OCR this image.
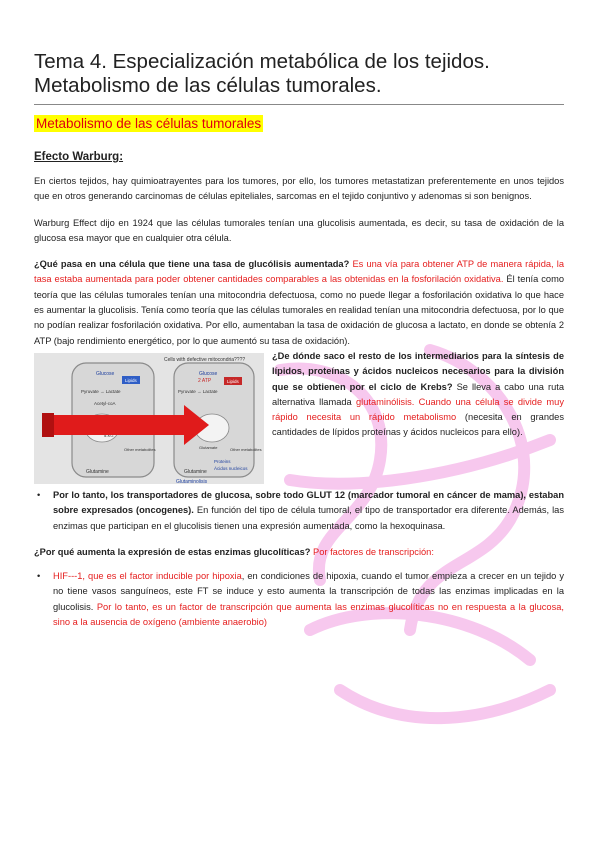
Tema 4. Especialización metabólica de los tejidos.
Metabolismo de las células tumorales.
Metabolismo de las células tumorales
Efecto Warburg:

En ciertos tejidos, hay quimioatrayentes para los tumores, por ello, los tumores metastatizan preferentemente en unos tejidos que en otros generando carcinomas de células epiteliales, sarcomas en el tejido conjuntivo y adenomas si son benignos.

Warburg Effect dijo en 1924 que las células tumorales tenían una glucolisis aumentada, es decir, su tasa de oxidación de la glucosa esa mayor que en cualquier otra célula.

¿Qué pasa en una célula que tiene una tasa de glucólisis aumentada? Es una vía para obtener ATP de manera rápida, la tasa estaba aumentada para poder obtener cantidades comparables a las obtenidas en la fosforilación oxidativa. Él tenía como teoría que las células tumorales tenían una mitocondria defectuosa, como no puede llegar a fosforilación oxidativa lo que hace es aumentar la glucolisis. Tenía como teoría que las células tumorales en realidad tenían una mitocondria defectuosa, por lo que no podían realizar fosforilación oxidativa. Por ello, aumentaban la tasa de oxidación de glucosa a lactato, en donde se obtenía 2 ATP (bajo rendimiento energético, por lo que aumentó su tasa de oxidación).

Cells with defective mitocondria????
Glucose	Glucose
Pyruvate → Lactate	Pyruvate → Lactate
Lipids	Lipids
2 ATP
Acetyl-coA
α-KG
Glutamate
Glutamine	Glutamine
Other metabolites	Other metabolites
Proteins
Ácidos nucleicos
Glutaminolisis

¿De dónde saco el resto de los intermediarios para la síntesis de lípidos, proteínas y ácidos nucleicos necesarios para la división que se obtienen por el ciclo de Krebs? Se lleva a cabo una ruta alternativa llamada glutaminólisis. Cuando una célula se divide muy rápido necesita un rápido metabolismo (necesita en grandes cantidades de lípidos proteínas y ácidos nucleicos para ello).

• Por lo tanto, los transportadores de glucosa, sobre todo GLUT 12 (marcador tumoral en cáncer de mama), estaban sobre expresados (oncogenes). En función del tipo de célula tumoral, el tipo de transportador era diferente. Además, las enzimas que participan en el glucolisis tienen una expresión aumentada, como la hexoquinasa.

¿Por qué aumenta la expresión de estas enzimas glucolíticas? Por factores de transcripción:

• HIF---1, que es el factor inducible por hipoxia, en condiciones de hipoxia, cuando el tumor empieza a crecer en un tejido y no tiene vasos sanguíneos, este FT se induce y esto aumenta la transcripción de todas las enzimas implicadas en la glucolisis. Por lo tanto, es un factor de transcripción que aumenta las enzimas glucolíticas no en respuesta a la glucosa, sino a la ausencia de oxígeno (ambiente anaerobio)
